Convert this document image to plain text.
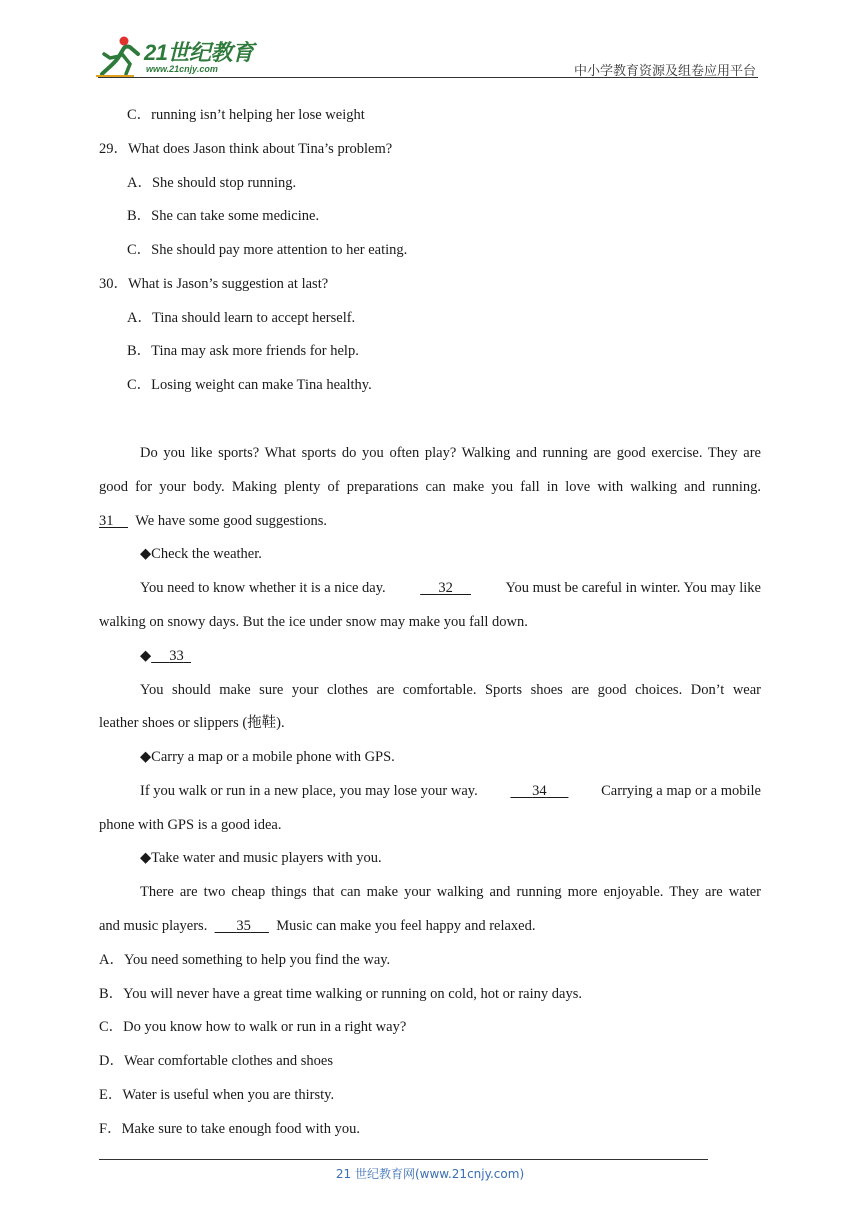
21世纪教育
www.21cnjy.com	中小学教育资源及组卷应用平台
C．running isn’t helping her lose weight
29．What does Jason think about Tina’s problem?
A．She should stop running.
B．She can take some medicine.
C．She should pay more attention to her eating.
30．What is Jason’s suggestion at last?
A．Tina should learn to accept herself.
B．Tina may ask more friends for help.
C．Losing weight can make Tina healthy.
Do you like sports? What sports do you often play? Walking and running are good exercise. They are
good for your body. Making plenty of preparations can make you fall in love with walking and running.
31 We have some good suggestions.
◆Check the weather.
You need to know whether it is a nice day.	32	You must be careful in winter. You may like
walking on snowy days. But the ice under snow may make you fall down.
◆ 33
You should make sure your clothes are comfortable. Sports shoes are good choices. Don’t wear
leather shoes or slippers (拖鞋).
◆Carry a map or a mobile phone with GPS.
If you walk or run in a new place, you may lose your way.	34	Carrying a map or a mobile
phone with GPS is a good idea.
◆Take water and music players with you.
There are two cheap things that can make your walking and running more enjoyable. They are water
and music players. 35 Music can make you feel happy and relaxed.
A．You need something to help you find the way.
B．You will never have a great time walking or running on cold, hot or rainy days.
C．Do you know how to walk or run in a right way?
D．Wear comfortable clothes and shoes
E．Water is useful when you are thirsty.
F．Make sure to take enough food with you.
21 世纪教育网(www.21cnjy.com)
